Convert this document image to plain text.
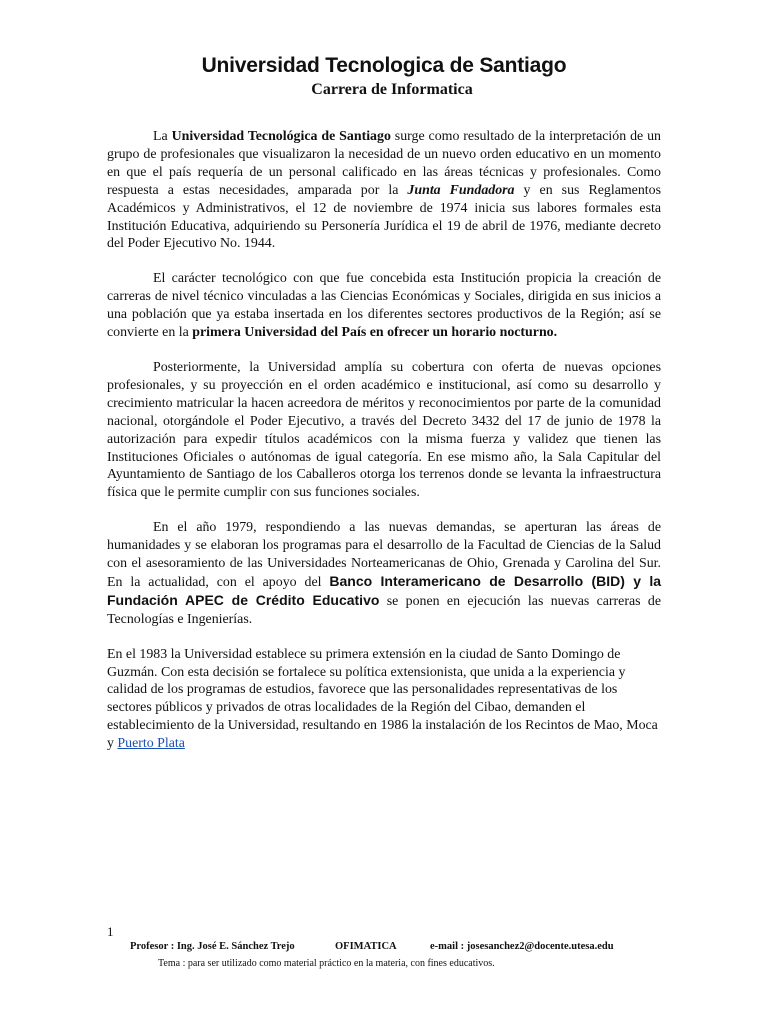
Universidad Tecnologica de Santiago
Carrera de Informatica

La Universidad Tecnológica de Santiago surge como resultado de la interpretación de un grupo de profesionales que visualizaron la necesidad de un nuevo orden educativo en un momento en que el país requería de un personal calificado en las áreas técnicas y profesionales. Como respuesta a estas necesidades, amparada por la Junta Fundadora y en sus Reglamentos Académicos y Administrativos, el 12 de noviembre de 1974 inicia sus labores formales esta Institución Educativa, adquiriendo su Personería Jurídica el 19 de abril de 1976, mediante decreto del Poder Ejecutivo No. 1944.

El carácter tecnológico con que fue concebida esta Institución propicia la creación de carreras de nivel técnico vinculadas a las Ciencias Económicas y Sociales, dirigida en sus inicios a una población que ya estaba insertada en los diferentes sectores productivos de la Región; así se convierte en la primera Universidad del País en ofrecer un horario nocturno.

Posteriormente, la Universidad amplía su cobertura con oferta de nuevas opciones profesionales, y su proyección en el orden académico e institucional, así como su desarrollo y crecimiento matricular la hacen acreedora de méritos y reconocimientos por parte de la comunidad nacional, otorgándole el Poder Ejecutivo, a través del Decreto 3432 del 17 de junio de 1978 la autorización para expedir títulos académicos con la misma fuerza y validez que tienen las Instituciones Oficiales o autónomas de igual categoría. En ese mismo año, la Sala Capitular del Ayuntamiento de Santiago de los Caballeros otorga los terrenos donde se levanta la infraestructura física que le permite cumplir con sus funciones sociales.

En el año 1979, respondiendo a las nuevas demandas, se aperturan las áreas de humanidades y se elaboran los programas para el desarrollo de la Facultad de Ciencias de la Salud con el asesoramiento de las Universidades Norteamericanas de Ohio, Grenada y Carolina del Sur. En la actualidad, con el apoyo del Banco Interamericano de Desarrollo (BID) y la Fundación APEC de Crédito Educativo se ponen en ejecución las nuevas carreras de Tecnologías e Ingenierías.

En el 1983 la Universidad establece su primera extensión en la ciudad de Santo Domingo de Guzmán. Con esta decisión se fortalece su política extensionista, que unida a la experiencia y calidad de los programas de estudios, favorece que las personalidades representativas de los sectores públicos y privados de otras localidades de la Región del Cibao, demanden el establecimiento de la Universidad, resultando en 1986 la instalación de los Recintos de Mao, Moca y Puerto Plata

1
Profesor : Ing. José E. Sánchez Trejo	OFIMATICA	e-mail : josesanchez2@docente.utesa.edu
Tema : para ser utilizado como material práctico en la materia, con fines educativos.
